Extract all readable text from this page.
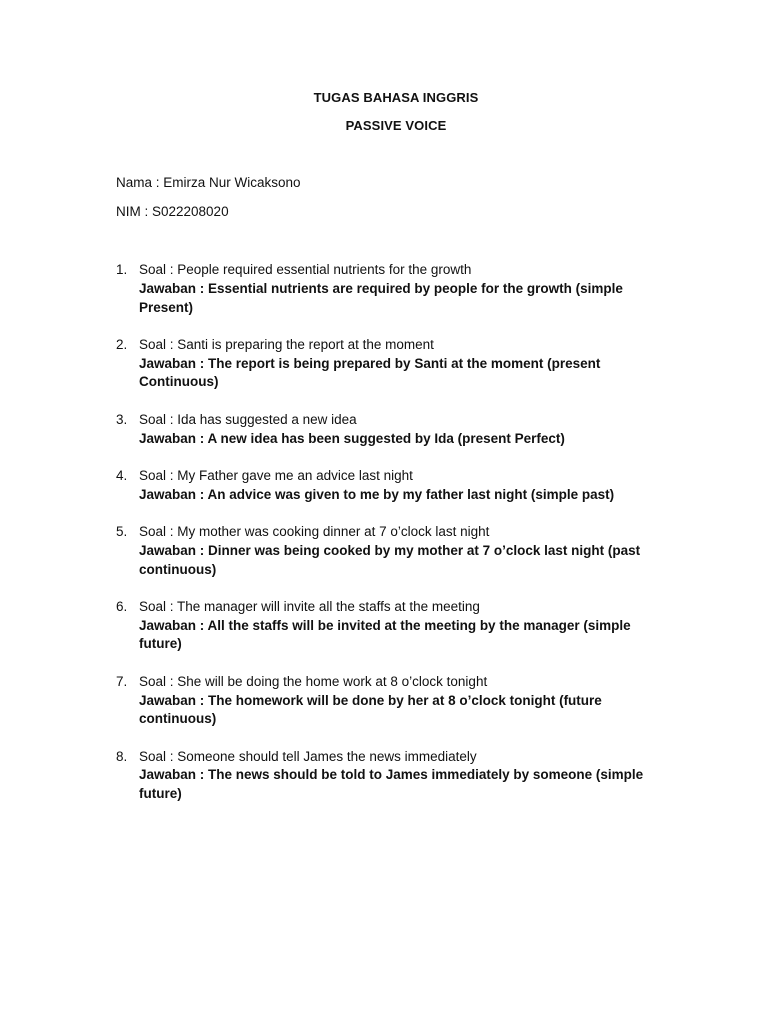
TUGAS BAHASA INGGRIS
PASSIVE VOICE
Nama : Emirza Nur Wicaksono
NIM : S022208020
1. Soal : People required essential nutrients for the growth
Jawaban : Essential nutrients are required by people for the growth (simple Present)
2. Soal : Santi is preparing the report at the moment
Jawaban : The report is being prepared by Santi at the moment (present Continuous)
3. Soal : Ida has suggested a new idea
Jawaban : A new idea has been suggested by Ida (present Perfect)
4. Soal : My Father gave me an advice last night
Jawaban : An advice was given to me by my father last night (simple past)
5. Soal : My mother was cooking dinner at 7 o’clock last night
Jawaban : Dinner was being cooked by my mother at 7 o’clock last night (past continuous)
6. Soal : The manager will invite all the staffs at the meeting
Jawaban : All the staffs will be invited at the meeting by the manager (simple future)
7. Soal : She will be doing the home work at 8 o’clock tonight
Jawaban : The homework will be done by her at 8 o’clock tonight (future continuous)
8. Soal : Someone should tell James the news immediately
Jawaban : The news should be told to James immediately by someone (simple future)
